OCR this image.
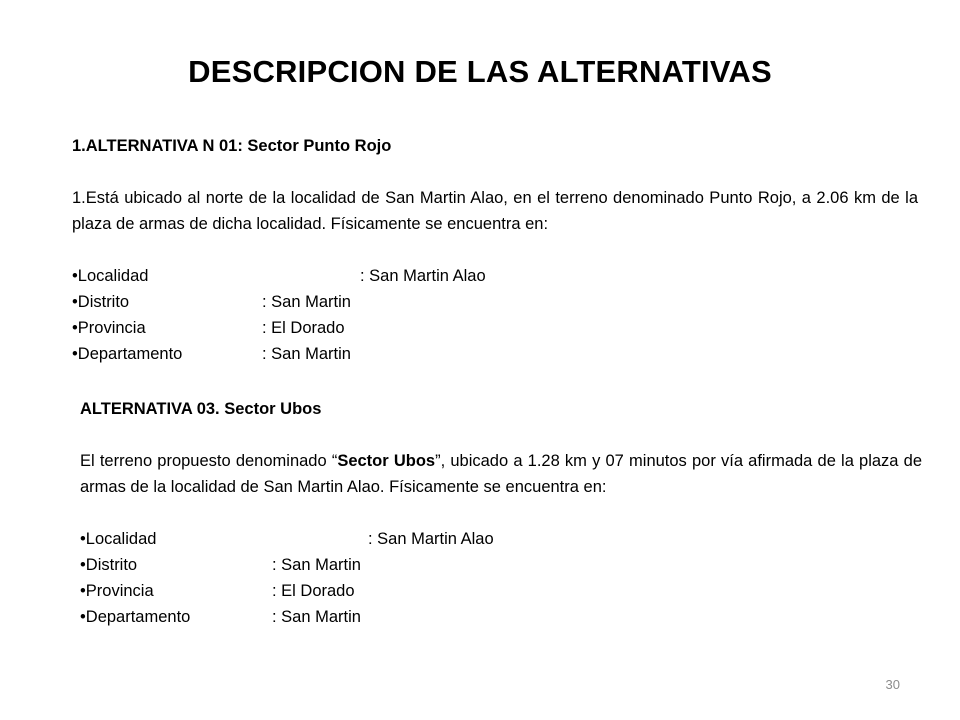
DESCRIPCION DE LAS ALTERNATIVAS

1.ALTERNATIVA N 01: Sector Punto Rojo

1.Está ubicado al norte de la localidad de San Martin Alao, en el terreno denominado Punto Rojo, a 2.06 km de la plaza de armas de dicha localidad. Físicamente se encuentra en:

•Localidad	: San Martin Alao
•Distrito	: San Martin
•Provincia	: El Dorado
•Departamento	: San Martin

ALTERNATIVA 03. Sector Ubos

El terreno propuesto denominado “Sector Ubos”, ubicado a 1.28 km y 07 minutos por vía afirmada de la plaza de armas de la localidad de San Martin Alao. Físicamente se encuentra en:

•Localidad	: San Martin Alao
•Distrito	: San Martin
•Provincia	: El Dorado
•Departamento	: San Martin
30
